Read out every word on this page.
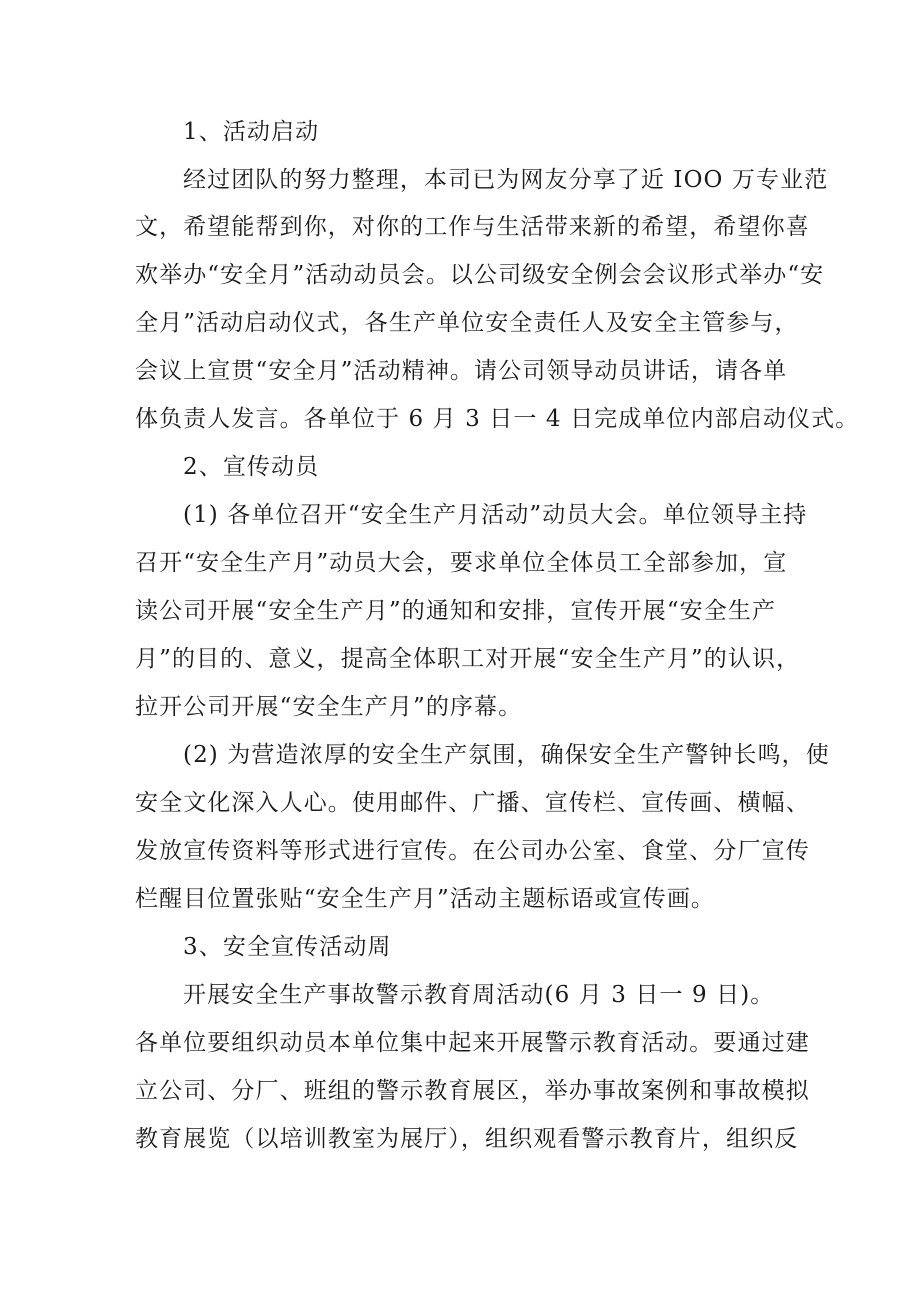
1、活动启动
经过团队的努力整理，本司已为网友分享了近 IOO 万专业范
文，希望能帮到你，对你的工作与生活带来新的希望，希望你喜
欢举办“安全月”活动动员会。以公司级安全例会会议形式举办“安
全月”活动启动仪式，各生产单位安全责任人及安全主管参与，
会议上宣贯“安全月”活动精神。请公司领导动员讲话，请各单
体负责人发言。各单位于 6 月 3 日一 4 日完成单位内部启动仪式。
2、宣传动员
(1) 各单位召开“安全生产月活动”动员大会。单位领导主持
召开“安全生产月”动员大会，要求单位全体员工全部参加，宣
读公司开展“安全生产月”的通知和安排，宣传开展“安全生产
月”的目的、意义，提高全体职工对开展“安全生产月”的认识，
拉开公司开展“安全生产月”的序幕。
(2) 为营造浓厚的安全生产氛围，确保安全生产警钟长鸣，使
安全文化深入人心。使用邮件、广播、宣传栏、宣传画、横幅、
发放宣传资料等形式进行宣传。在公司办公室、食堂、分厂宣传
栏醒目位置张贴“安全生产月”活动主题标语或宣传画。
3、安全宣传活动周
开展安全生产事故警示教育周活动(6 月 3 日一 9 日)。
各单位要组织动员本单位集中起来开展警示教育活动。要通过建
立公司、分厂、班组的警示教育展区，举办事故案例和事故模拟
教育展览（以培训教室为展厅），组织观看警示教育片，组织反
